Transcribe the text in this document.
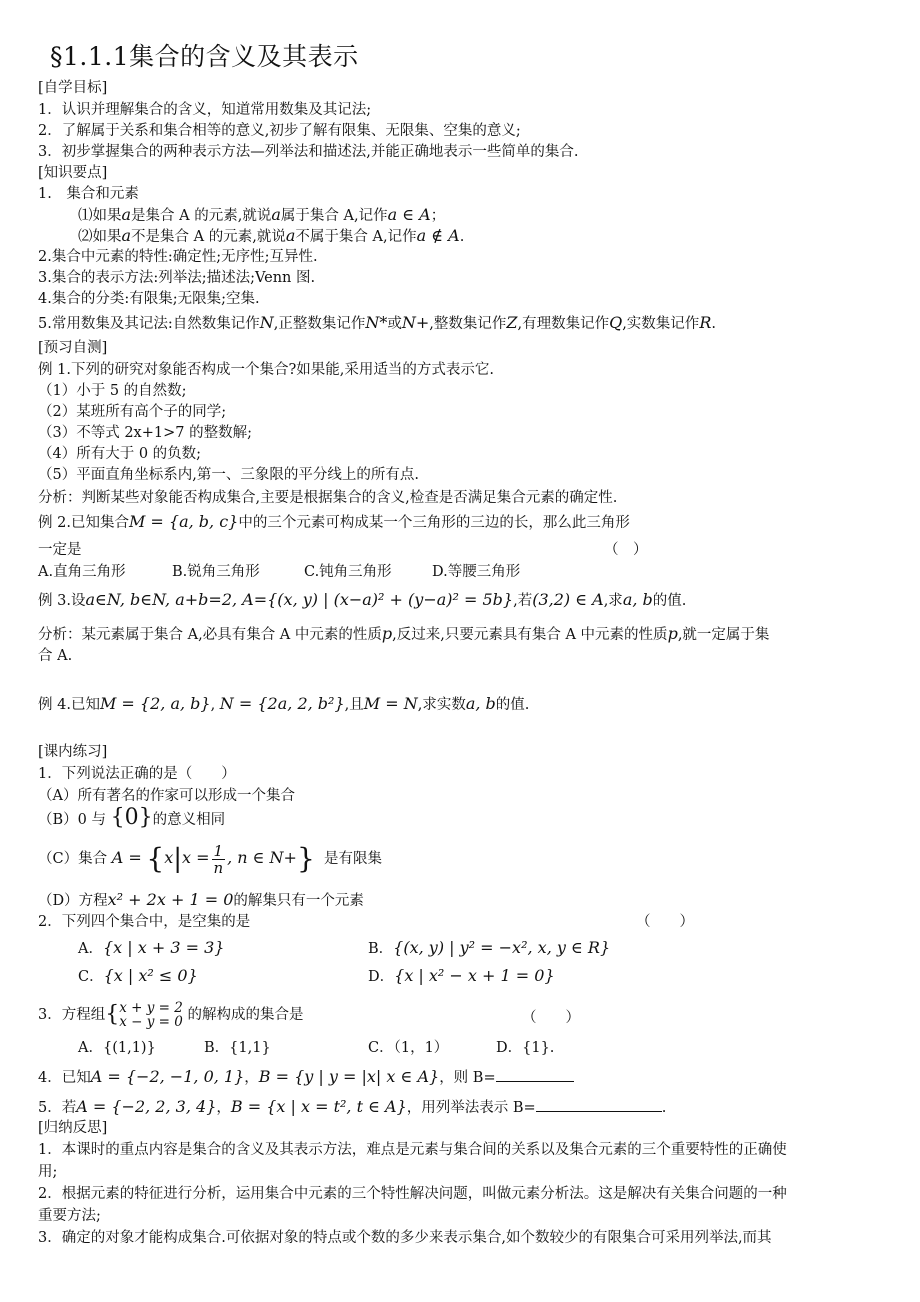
§1.1.1集合的含义及其表示
[自学目标]
1．认识并理解集合的含义，知道常用数集及其记法;
2．了解属于关系和集合相等的意义,初步了解有限集、无限集、空集的意义;
3．初步掌握集合的两种表示方法—列举法和描述法,并能正确地表示一些简单的集合.
[知识要点]
1.　集合和元素
⑴如果a是集合 A 的元素,就说a属于集合 A,记作a ∈ A；
⑵如果a不是集合 A 的元素,就说a不属于集合 A,记作a ∉ A.
2.集合中元素的特性:确定性;无序性;互异性.
3.集合的表示方法:列举法;描述法;Venn 图.
4.集合的分类:有限集;无限集;空集.
5.常用数集及其记法:自然数集记作N,正整数集记作N*或N+,整数集记作Z,有理数集记作Q,实数集记作R.
[预习自测]
例 1.下列的研究对象能否构成一个集合?如果能,采用适当的方式表示它.
（1）小于 5 的自然数;
（2）某班所有高个子的同学;
（3）不等式 2x+1>7 的整数解;
（4）所有大于 0 的负数;
（5）平面直角坐标系内,第一、三象限的平分线上的所有点.
分析：判断某些对象能否构成集合,主要是根据集合的含义,检查是否满足集合元素的确定性.
例 2.已知集合M = {a, b, c}中的三个元素可构成某一个三角形的三边的长，那么此三角形
一定是	（　）
A.直角三角形	B.锐角三角形	C.钝角三角形	D.等腰三角形
例 3.设a∈N, b∈N, a+b=2, A={(x, y) | (x−a)² + (y−a)² = 5b},若(3,2) ∈ A,求a, b的值.
分析：某元素属于集合 A,必具有集合 A 中元素的性质p,反过来,只要元素具有集合 A 中元素的性质p,就一定属于集
合 A.
例 4.已知M = {2, a, b}, N = {2a, 2, b²},且M = N,求实数a, b的值.
[课内练习]
1．下列说法正确的是（　　）
（A）所有著名的作家可以形成一个集合
（B）0 与 {0}的意义相同
（C）集合 $A = \{x|x = \frac{1}{n}$ , n ∈ N+} 是有限集
（D）方程x² + 2x + 1 = 0的解集只有一个元素
2．下列四个集合中，是空集的是	（　　）
A．{x | x + 3 = 3}	B．{(x, y) | y² = −x², x, y ∈ R}
C．{x | x² ≤ 0}	D．{x | x² − x + 1 = 0}
3．方程组{ x + y = 2
x − y = 0 的解构成的集合是	（　　）
A．{(1,1)}	B．{1,1}	C．（1，1）	D．{1}.
4．已知A = {−2, −1, 0, 1}，B = {y | y = |x| x ∈ A}，则 B=
5．若A = {−2, 2, 3, 4}，B = {x | x = t², t ∈ A}，用列举法表示 B=	.
[归纳反思]
1．本课时的重点内容是集合的含义及其表示方法，难点是元素与集合间的关系以及集合元素的三个重要特性的正确使
用;
2．根据元素的特征进行分析，运用集合中元素的三个特性解决问题，叫做元素分析法。这是解决有关集合问题的一种
重要方法;
3．确定的对象才能构成集合.可依据对象的特点或个数的多少来表示集合,如个数较少的有限集合可采用列举法,而其
